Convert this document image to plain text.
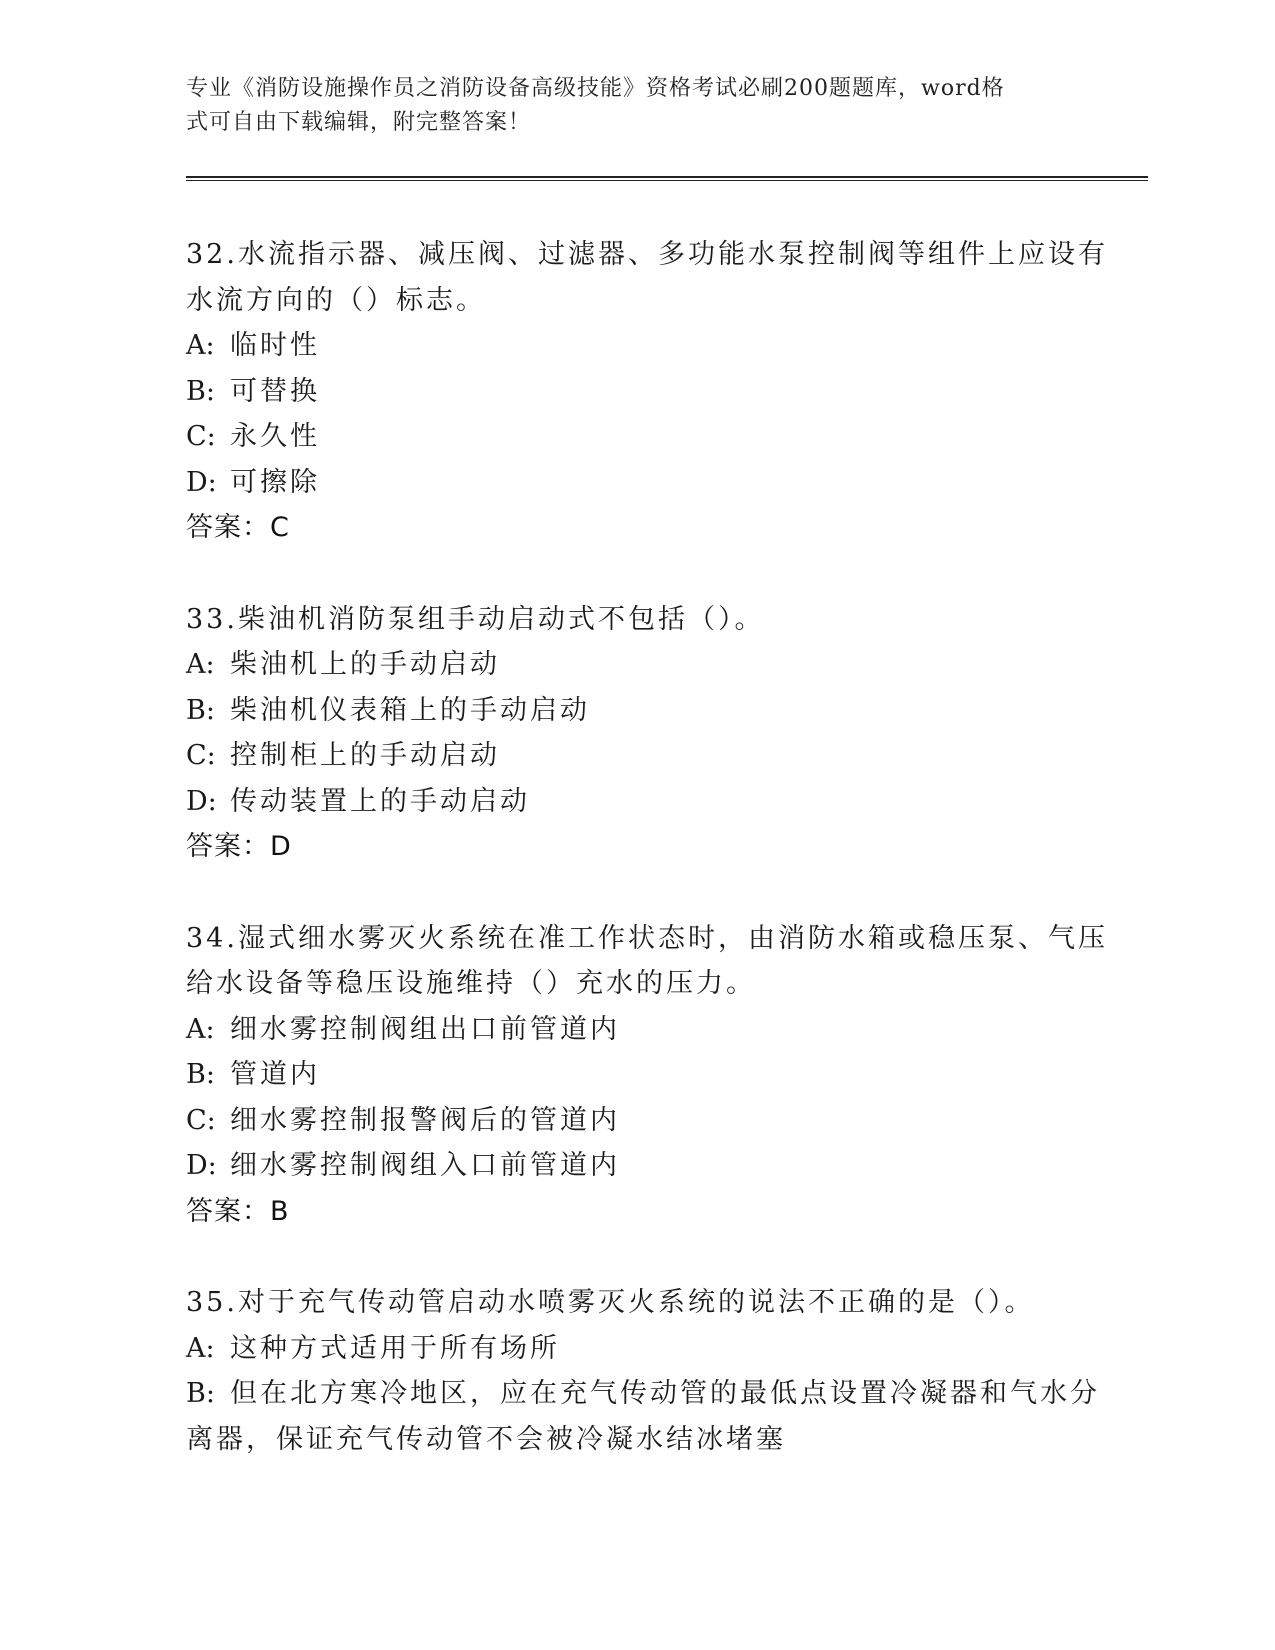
专业《消防设施操作员之消防设备高级技能》资格考试必刷200题题库，word格
式可自由下载编辑，附完整答案！
32.水流指示器、减压阀、过滤器、多功能水泵控制阀等组件上应设有
水流方向的（）标志。
A: 临时性
B: 可替换
C: 永久性
D: 可擦除
答案：C
33.柴油机消防泵组手动启动式不包括（）。
A: 柴油机上的手动启动
B: 柴油机仪表箱上的手动启动
C: 控制柜上的手动启动
D: 传动装置上的手动启动
答案：D
34.湿式细水雾灭火系统在准工作状态时，由消防水箱或稳压泵、气压
给水设备等稳压设施维持（）充水的压力。
A: 细水雾控制阀组出口前管道内
B: 管道内
C: 细水雾控制报警阀后的管道内
D: 细水雾控制阀组入口前管道内
答案：B
35.对于充气传动管启动水喷雾灭火系统的说法不正确的是（）。
A: 这种方式适用于所有场所
B: 但在北方寒冷地区，应在充气传动管的最低点设置冷凝器和气水分
离器，保证充气传动管不会被冷凝水结冰堵塞
